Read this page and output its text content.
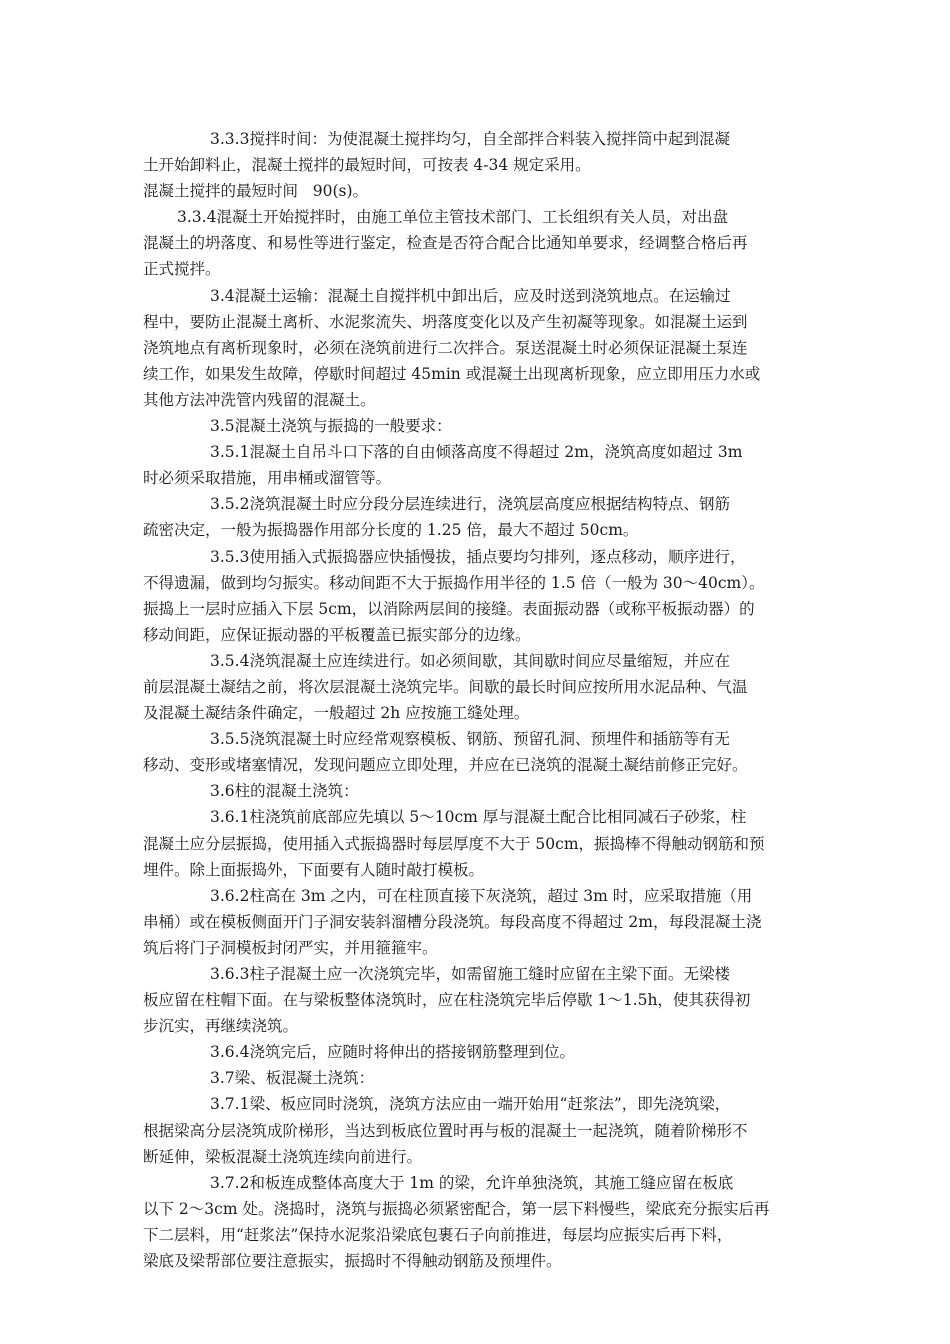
3.3.3搅拌时间：为使混凝土搅拌均匀，自全部拌合料装入搅拌筒中起到混凝
土开始卸料止，混凝土搅拌的最短时间，可按表 4-34 规定采用。
混凝土搅拌的最短时间   90(s)。
3.3.4混凝土开始搅拌时，由施工单位主管技术部门、工长组织有关人员，对出盘
混凝土的坍落度、和易性等进行鉴定，检查是否符合配合比通知单要求，经调整合格后再
正式搅拌。
3.4混凝土运输：混凝土自搅拌机中卸出后，应及时送到浇筑地点。在运输过
程中，要防止混凝土离析、水泥浆流失、坍落度变化以及产生初凝等现象。如混凝土运到
浇筑地点有离析现象时，必须在浇筑前进行二次拌合。泵送混凝土时必须保证混凝土泵连
续工作，如果发生故障，停歇时间超过 45min 或混凝土出现离析现象，应立即用压力水或
其他方法冲洗管内残留的混凝土。
3.5混凝土浇筑与振捣的一般要求：
3.5.1混凝土自吊斗口下落的自由倾落高度不得超过 2m，浇筑高度如超过 3m
时必须采取措施，用串桶或溜管等。
3.5.2浇筑混凝土时应分段分层连续进行，浇筑层高度应根据结构特点、钢筋
疏密决定，一般为振捣器作用部分长度的 1.25 倍，最大不超过 50cm。
3.5.3使用插入式振捣器应快插慢拔，插点要均匀排列，逐点移动，顺序进行，
不得遗漏，做到均匀振实。移动间距不大于振捣作用半径的 1.5 倍（一般为 30～40cm）。
振捣上一层时应插入下层 5cm，以消除两层间的接缝。表面振动器（或称平板振动器）的
移动间距，应保证振动器的平板覆盖已振实部分的边缘。
3.5.4浇筑混凝土应连续进行。如必须间歇，其间歇时间应尽量缩短，并应在
前层混凝土凝结之前，将次层混凝土浇筑完毕。间歇的最长时间应按所用水泥品种、气温
及混凝土凝结条件确定，一般超过 2h 应按施工缝处理。
3.5.5浇筑混凝土时应经常观察模板、钢筋、预留孔洞、预埋件和插筋等有无
移动、变形或堵塞情况，发现问题应立即处理，并应在已浇筑的混凝土凝结前修正完好。
3.6柱的混凝土浇筑：
3.6.1柱浇筑前底部应先填以 5～10cm 厚与混凝土配合比相同减石子砂浆，柱
混凝土应分层振捣，使用插入式振捣器时每层厚度不大于 50cm，振捣棒不得触动钢筋和预
埋件。除上面振捣外，下面要有人随时敲打模板。
3.6.2柱高在 3m 之内，可在柱顶直接下灰浇筑，超过 3m 时，应采取措施（用
串桶）或在模板侧面开门子洞安装斜溜槽分段浇筑。每段高度不得超过 2m，每段混凝土浇
筑后将门子洞模板封闭严实，并用箍箍牢。
3.6.3柱子混凝土应一次浇筑完毕，如需留施工缝时应留在主梁下面。无梁楼
板应留在柱帽下面。在与梁板整体浇筑时，应在柱浇筑完毕后停歇 1～1.5h，使其获得初
步沉实，再继续浇筑。
3.6.4浇筑完后，应随时将伸出的搭接钢筋整理到位。
3.7梁、板混凝土浇筑：
3.7.1梁、板应同时浇筑，浇筑方法应由一端开始用“赶浆法”，即先浇筑梁，
根据梁高分层浇筑成阶梯形，当达到板底位置时再与板的混凝土一起浇筑，随着阶梯形不
断延伸，梁板混凝土浇筑连续向前进行。
3.7.2和板连成整体高度大于 1m 的梁，允许单独浇筑，其施工缝应留在板底
以下 2～3cm 处。浇捣时，浇筑与振捣必须紧密配合，第一层下料慢些，梁底充分振实后再
下二层料，用“赶浆法”保持水泥浆沿梁底包裹石子向前推进，每层均应振实后再下料，
梁底及梁帮部位要注意振实，振捣时不得触动钢筋及预埋件。
